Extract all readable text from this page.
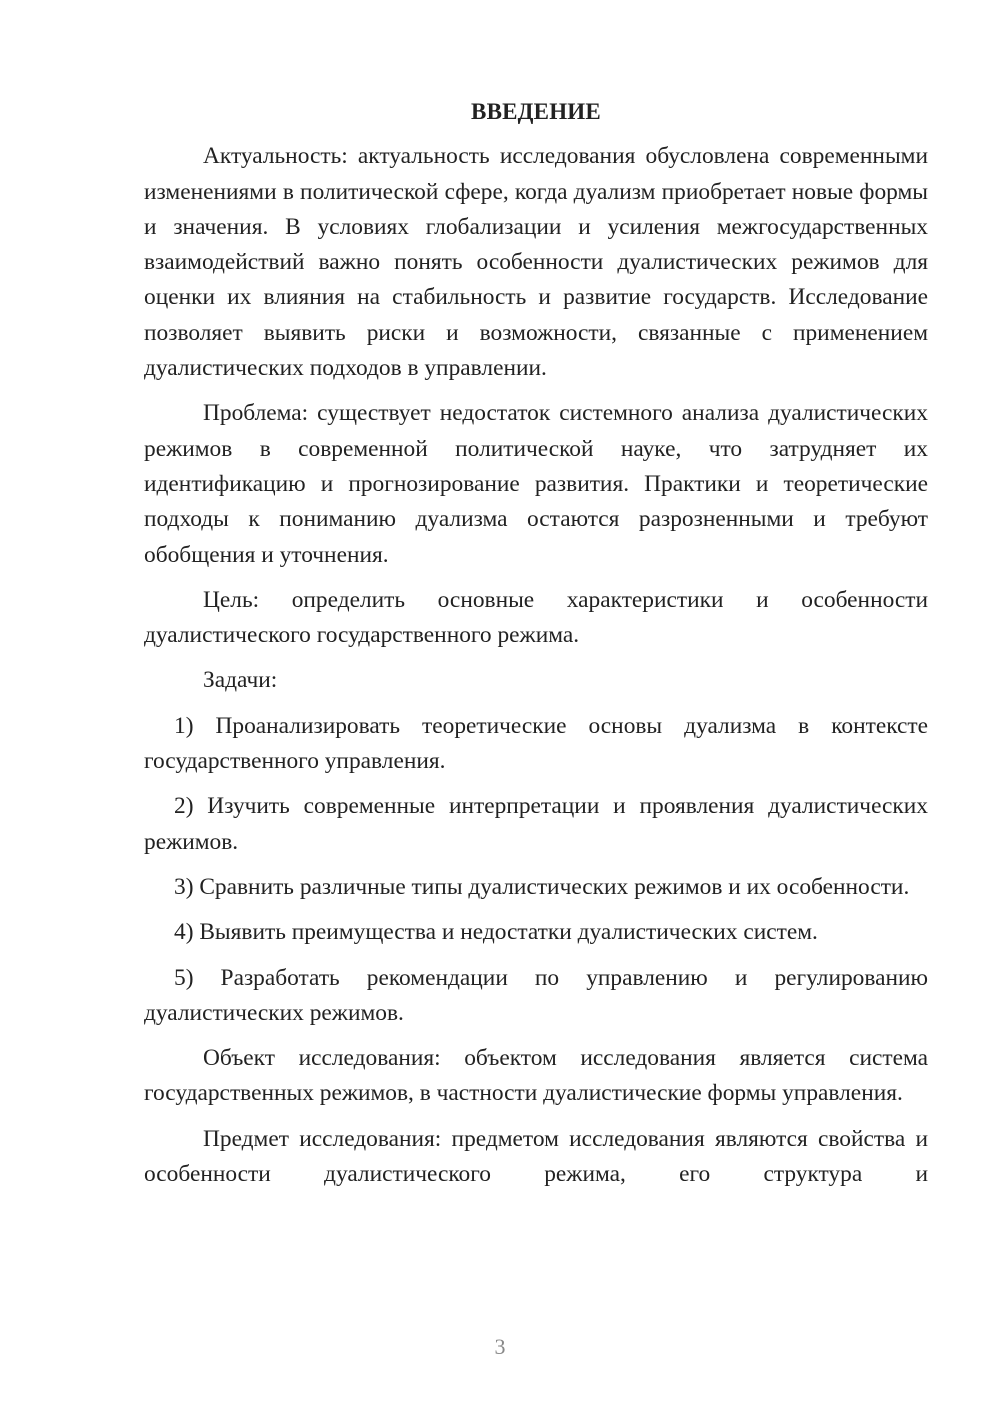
ВВЕДЕНИЕ

Актуальность: актуальность исследования обусловлена современными изменениями в политической сфере, когда дуализм приобретает новые формы и значения. В условиях глобализации и усиления межгосударственных взаимодействий важно понять особенности дуалистических режимов для оценки их влияния на стабильность и развитие государств. Исследование позволяет выявить риски и возможности, связанные с применением дуалистических подходов в управлении.

Проблема: существует недостаток системного анализа дуалистических режимов в современной политической науке, что затрудняет их идентификацию и прогнозирование развития. Практики и теоретические подходы к пониманию дуализма остаются разрозненными и требуют обобщения и уточнения.

Цель: определить основные характеристики и особенности дуалистического государственного режима.

Задачи:

1) Проанализировать теоретические основы дуализма в контексте государственного управления.

2) Изучить современные интерпретации и проявления дуалистических режимов.

3) Сравнить различные типы дуалистических режимов и их особенности.

4) Выявить преимущества и недостатки дуалистических систем.

5) Разработать рекомендации по управлению и регулированию дуалистических режимов.

Объект исследования: объектом исследования является система государственных режимов, в частности дуалистические формы управления.

Предмет исследования: предметом исследования являются свойства и особенности дуалистического режима, его структура и

3
